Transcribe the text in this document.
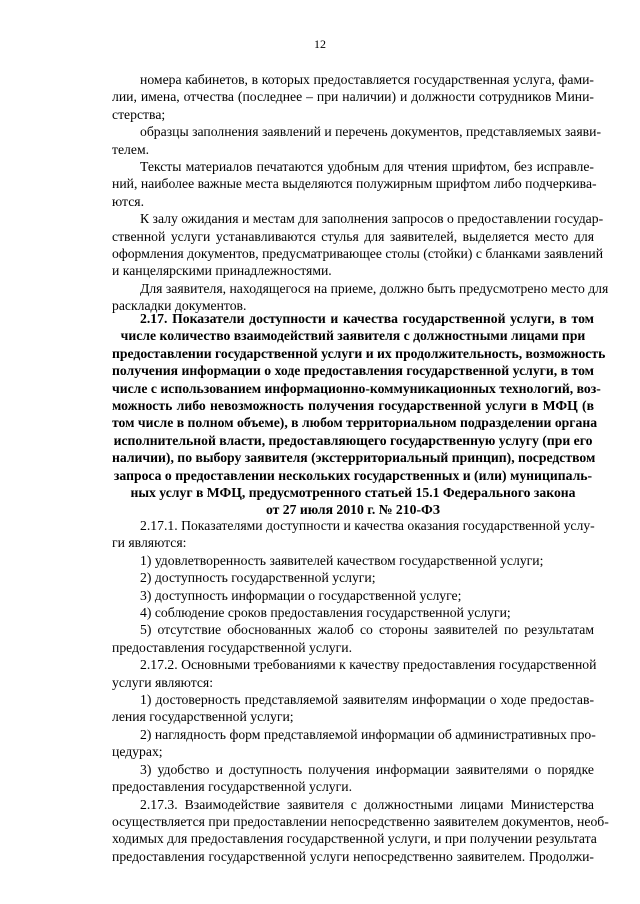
12
номера кабинетов, в которых предоставляется государственная услуга, фами-
лии, имена, отчества (последнее – при наличии) и должности сотрудников Мини-
стерства;
образцы заполнения заявлений и перечень документов, представляемых заяви-
телем.
Тексты материалов печатаются удобным для чтения шрифтом, без исправле-
ний, наиболее важные места выделяются полужирным шрифтом либо подчеркива-
ются.
К залу ожидания и местам для заполнения запросов о предоставлении государ-
ственной услуги устанавливаются стулья для заявителей, выделяется место для
оформления документов, предусматривающее столы (стойки) с бланками заявлений
и канцелярскими принадлежностями.
Для заявителя, находящегося на приеме, должно быть предусмотрено место для
раскладки документов.
2.17. Показатели доступности и качества государственной услуги, в том
числе количество взаимодействий заявителя с должностными лицами при
предоставлении государственной услуги и их продолжительность, возможность
получения информации о ходе предоставления государственной услуги, в том
числе с использованием информационно-коммуникационных технологий, воз-
можность либо невозможность получения государственной услуги в МФЦ (в
том числе в полном объеме), в любом территориальном подразделении органа
исполнительной власти, предоставляющего государственную услугу (при его
наличии), по выбору заявителя (экстерриториальный принцип), посредством
запроса о предоставлении нескольких государственных и (или) муниципаль-
ных услуг в МФЦ, предусмотренного статьей 15.1 Федерального закона
от 27 июля 2010 г. № 210-ФЗ
2.17.1. Показателями доступности и качества оказания государственной услу-
ги являются:
1) удовлетворенность заявителей качеством государственной услуги;
2) доступность государственной услуги;
3) доступность информации о государственной услуге;
4) соблюдение сроков предоставления государственной услуги;
5) отсутствие обоснованных жалоб со стороны заявителей по результатам
предоставления государственной услуги.
2.17.2. Основными требованиями к качеству предоставления государственной
услуги являются:
1) достоверность представляемой заявителям информации о ходе предостав-
ления государственной услуги;
2) наглядность форм представляемой информации об административных про-
цедурах;
3) удобство и доступность получения информации заявителями о порядке
предоставления государственной услуги.
2.17.3. Взаимодействие заявителя с должностными лицами Министерства
осуществляется при предоставлении непосредственно заявителем документов, необ-
ходимых для предоставления государственной услуги, и при получении результата
предоставления государственной услуги непосредственно заявителем. Продолжи-
